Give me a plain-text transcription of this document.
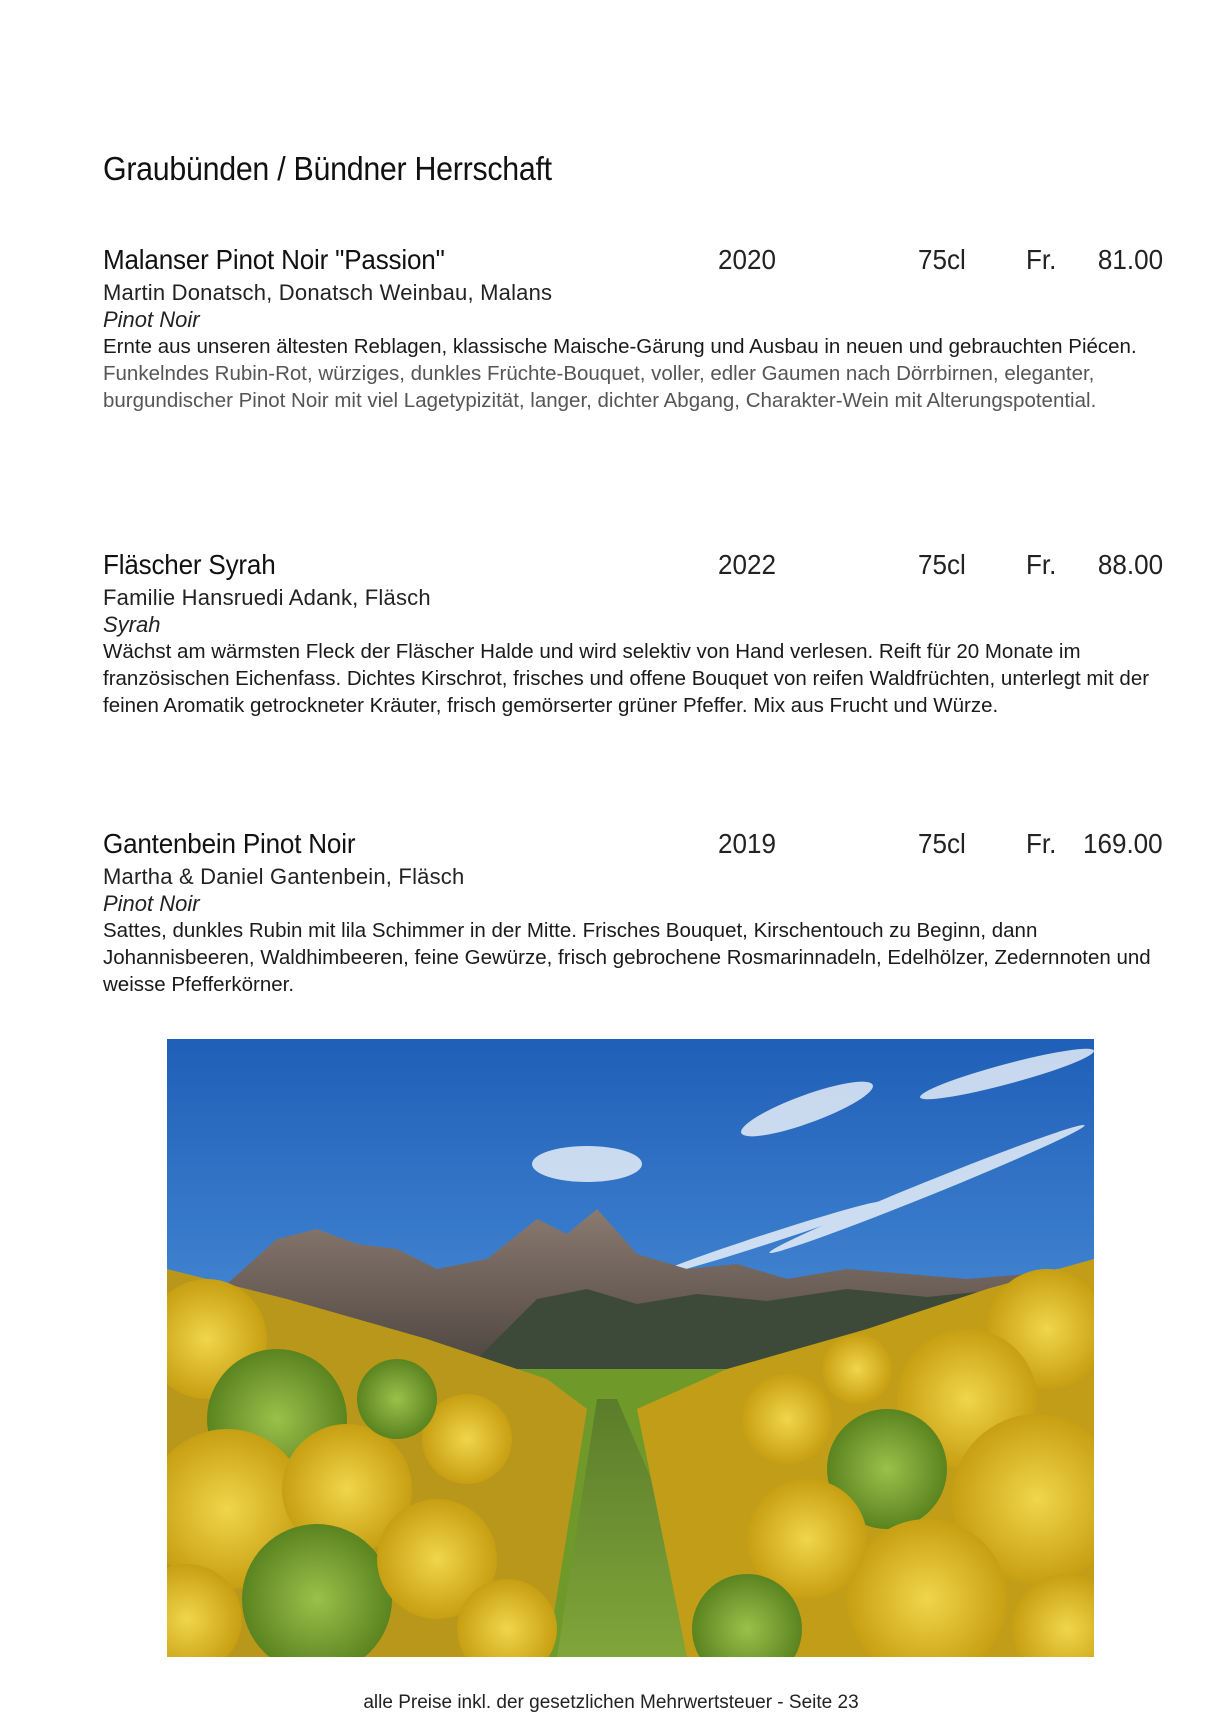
Graubünden / Bündner Herrschaft
Malanser Pinot Noir "Passion"	2020	75cl Fr. 81.00
Martin Donatsch, Donatsch Weinbau, Malans
Pinot Noir
Ernte aus unseren ältesten Reblagen, klassische Maische-Gärung und Ausbau in neuen und gebrauchten Piécen. Funkelndes Rubin-Rot, würziges, dunkles Früchte-Bouquet, voller, edler Gaumen nach Dörrbirnen, eleganter, burgundischer Pinot Noir mit viel Lagetypizität, langer, dichter Abgang, Charakter-Wein mit Alterungspotential.
Fläscher Syrah	2022	75cl Fr. 88.00
Familie Hansruedi Adank, Fläsch
Syrah
Wächst am wärmsten Fleck der Fläscher Halde und wird selektiv von Hand verlesen. Reift für 20 Monate im französischen Eichenfass. Dichtes Kirschrot, frisches und offene Bouquet von reifen Waldfrüchten, unterlegt mit der feinen Aromatik getrockneter Kräuter, frisch gemörserter grüner Pfeffer. Mix aus Frucht und Würze.
Gantenbein Pinot Noir	2019	75cl Fr. 169.00
Martha & Daniel Gantenbein, Fläsch
Pinot Noir
Sattes, dunkles Rubin mit lila Schimmer in der Mitte. Frisches Bouquet, Kirschentouch zu Beginn, dann Johannisbeeren, Waldhimbeeren, feine Gewürze, frisch gebrochene Rosmarinnadeln, Edelhölzer, Zedernnoten und weisse Pfefferkörner.
alle Preise inkl. der gesetzlichen Mehrwertsteuer - Seite 23
